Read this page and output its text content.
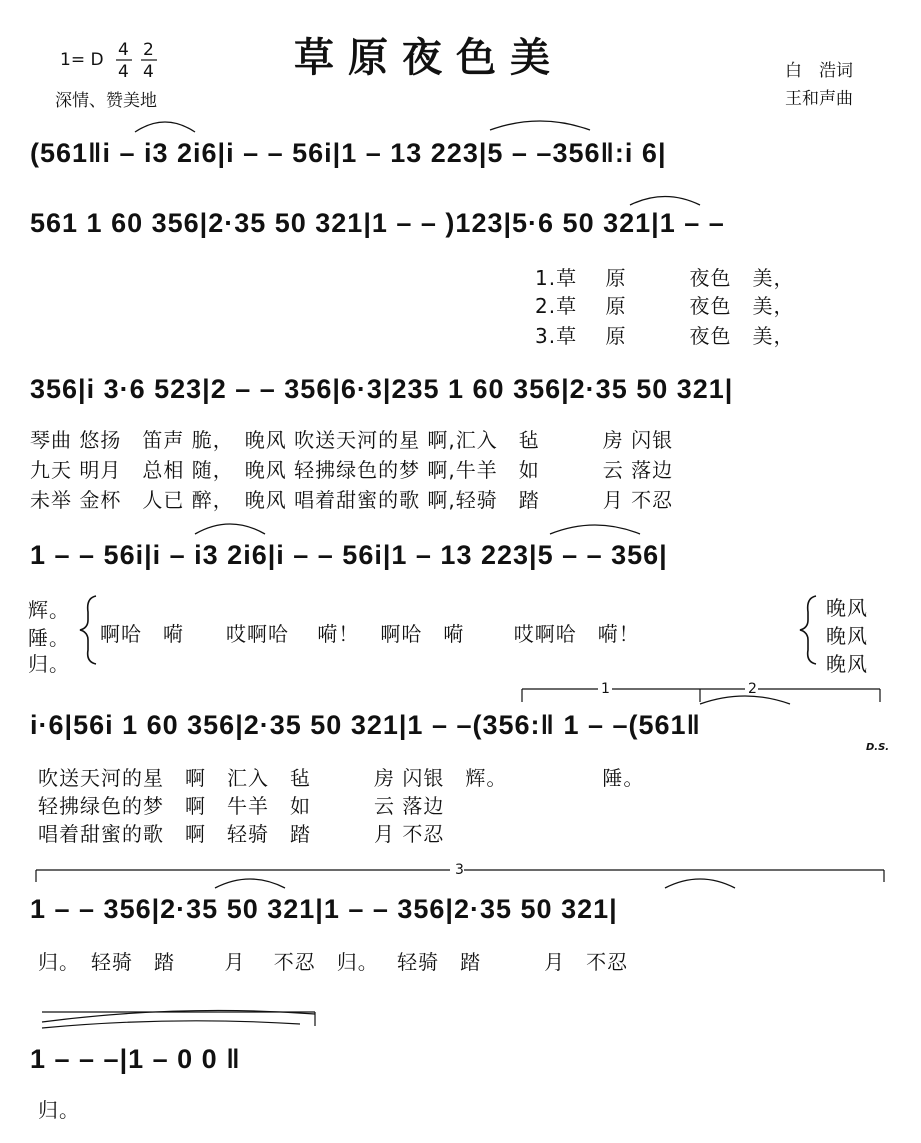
1= D 4
4
2
4
深情、赞美地
草原夜色美	白　浩词
王和声曲
(561‖i – i3 2i6|i – – 56i|1 – 13 223|5 – –356‖:i 6|
561 1 60 356|2·35 50 321|1 – – )123|5·6 50 321|1 – –
1.草　 原　　　夜色　美，
2.草　 原　　　夜色　美，
3.草　 原　　　夜色　美，
356|i 3·6 523|2 – – 356|6·3|235 1 60 356|2·35 50 321|
琴曲 悠扬　笛声 脆，　晚风 吹送天河的星 啊,汇入　毡　　　房 闪银
九天 明月　总相 随，　晚风 轻拂绿色的梦 啊,牛羊　如　　　云 落边
未举 金杯　人已 醉，　晚风 唱着甜蜜的歌 啊,轻骑　踏　　　月 不忍
1 – – 56i|i – i3 2i6|i – – 56i|1 – 13 223|5 – – 356|
辉。
陲。
归。
啊哈　嗬　　哎啊哈　 嗬！　啊哈　嗬　　 哎啊哈　嗬！
晚风
晚风
晚风
i·6|56i 1 60 356|2·35 50 321|1 – –(356:‖ 1 – –(561‖
1	2
D.S.
吹送天河的星　啊　汇入　毡　　　房 闪银　辉。　　　　　陲。
轻拂绿色的梦　啊　牛羊　如　　　云 落边
唱着甜蜜的歌　啊　轻骑　踏　　　月 不忍
3
1 – – 356|2·35 50 321|1 – – 356|2·35 50 321|
归。　轻骑　踏　　 月　 不忍　归。　 轻骑　踏　　　月　不忍
1 – – –|1 – 0 0 ‖
归。
